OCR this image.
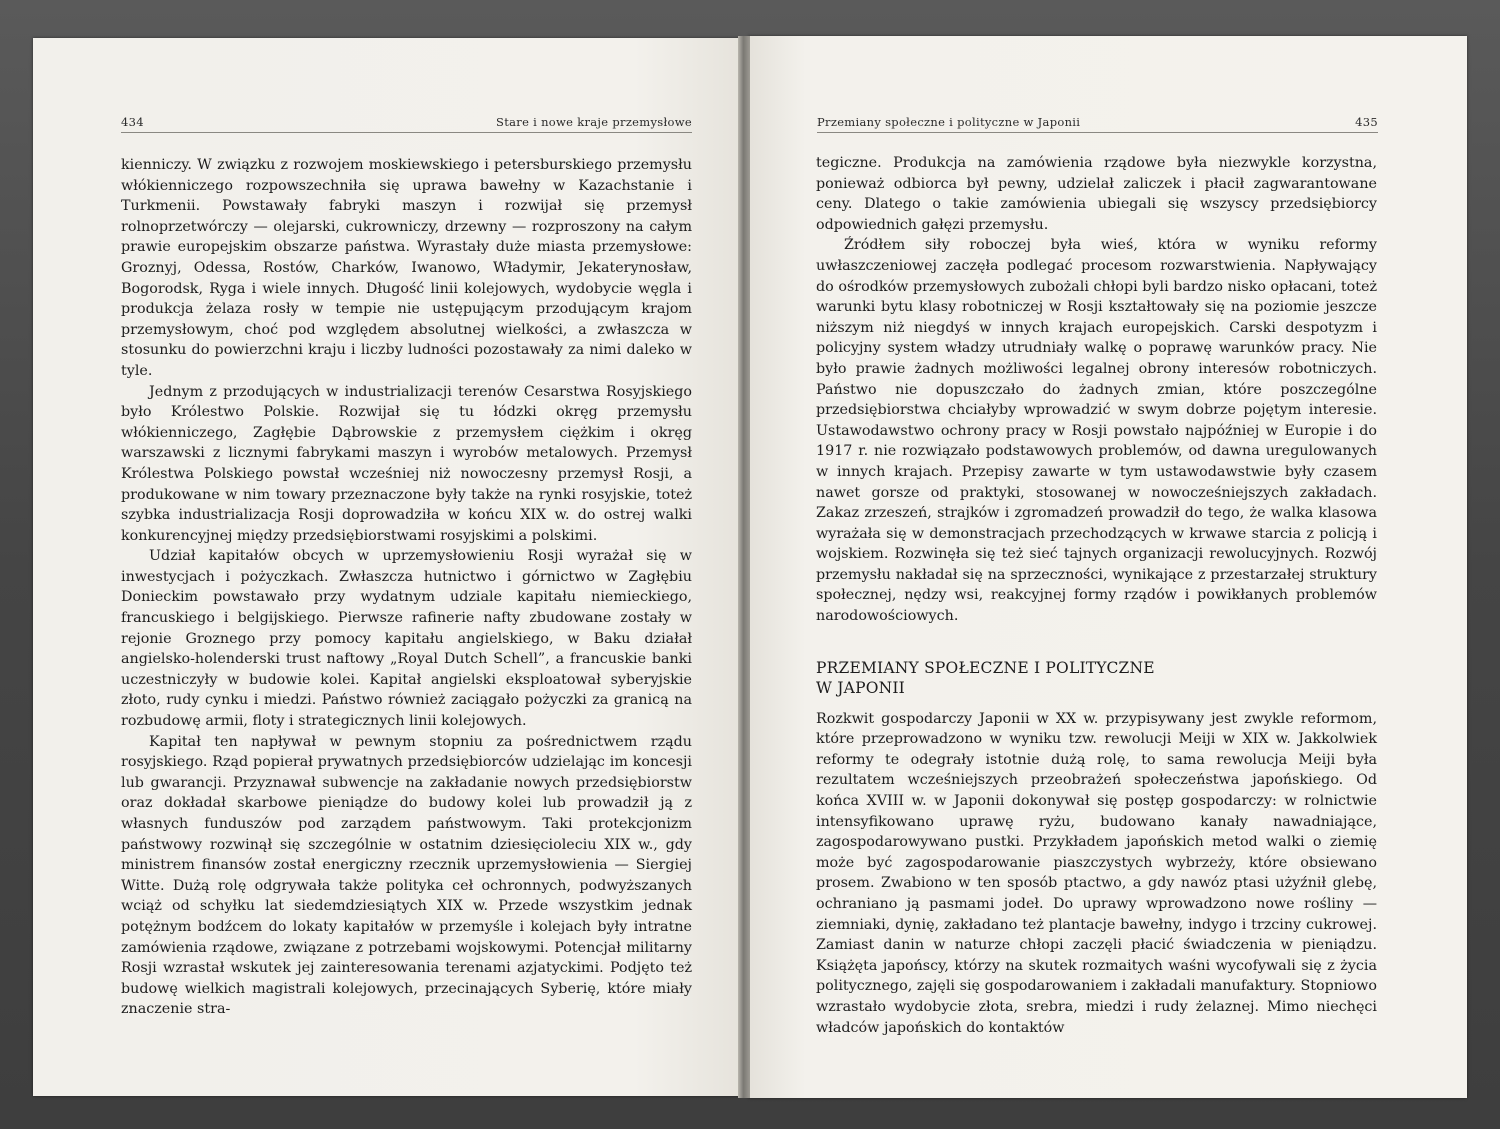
434	Stare i nowe kraje przemysłowe	Przemiany społeczne i polityczne w Japonii	435

kienniczy. W związku z rozwojem moskiewskiego i petersburskiego przemysłu włókienniczego rozpowszechniła się uprawa bawełny w Kazachstanie i Turkmenii. Powstawały fabryki maszyn i rozwijał się przemysł rolnoprzetwórczy — olejarski, cukrowniczy, drzewny — rozproszony na całym prawie europejskim obszarze państwa. Wyrastały duże miasta przemysłowe: Groznyj, Odessa, Rostów, Charków, Iwanowo, Władymir, Jekaterynosław, Bogorodsk, Ryga i wiele innych. Długość linii kolejowych, wydobycie węgla i produkcja żelaza rosły w tempie nie ustępującym przodującym krajom przemysłowym, choć pod względem absolutnej wielkości, a zwłaszcza w stosunku do powierzchni kraju i liczby ludności pozostawały za nimi daleko w tyle.

Jednym z przodujących w industrializacji terenów Cesarstwa Rosyjskiego było Królestwo Polskie. Rozwijał się tu łódzki okręg przemysłu włókienniczego, Zagłębie Dąbrowskie z przemysłem ciężkim i okręg warszawski z licznymi fabrykami maszyn i wyrobów metalowych. Przemysł Królestwa Polskiego powstał wcześniej niż nowoczesny przemysł Rosji, a produkowane w nim towary przeznaczone były także na rynki rosyjskie, toteż szybka industrializacja Rosji doprowadziła w końcu XIX w. do ostrej walki konkurencyjnej między przedsiębiorstwami rosyjskimi a polskimi.

Udział kapitałów obcych w uprzemysłowieniu Rosji wyrażał się w inwestycjach i pożyczkach. Zwłaszcza hutnictwo i górnictwo w Zagłębiu Donieckim powstawało przy wydatnym udziale kapitału niemieckiego, francuskiego i belgijskiego. Pierwsze rafinerie nafty zbudowane zostały w rejonie Groznego przy pomocy kapitału angielskiego, w Baku działał angielsko-holenderski trust naftowy „Royal Dutch Schell”, a francuskie banki uczestniczyły w budowie kolei. Kapitał angielski eksploatował syberyjskie złoto, rudy cynku i miedzi. Państwo również zaciągało pożyczki za granicą na rozbudowę armii, floty i strategicznych linii kolejowych.

Kapitał ten napływał w pewnym stopniu za pośrednictwem rządu rosyjskiego. Rząd popierał prywatnych przedsiębiorców udzielając im koncesji lub gwarancji. Przyznawał subwencje na zakładanie nowych przedsiębiorstw oraz dokładał skarbowe pieniądze do budowy kolei lub prowadził ją z własnych funduszów pod zarządem państwowym. Taki protekcjonizm państwowy rozwinął się szczególnie w ostatnim dziesięcioleciu XIX w., gdy ministrem finansów został energiczny rzecznik uprzemysłowienia — Siergiej Witte. Dużą rolę odgrywała także polityka ceł ochronnych, podwyższanych wciąż od schyłku lat siedemdziesiątych XIX w. Przede wszystkim jednak potężnym bodźcem do lokaty kapitałów w przemyśle i kolejach były intratne zamówienia rządowe, związane z potrzebami wojskowymi. Potencjał militarny Rosji wzrastał wskutek jej zainteresowania terenami azjatyckimi. Podjęto też budowę wielkich magistrali kolejowych, przecinających Syberię, które miały znaczenie stra-

tegiczne. Produkcja na zamówienia rządowe była niezwykle korzystna, ponieważ odbiorca był pewny, udzielał zaliczek i płacił zagwarantowane ceny. Dlatego o takie zamówienia ubiegali się wszyscy przedsiębiorcy odpowiednich gałęzi przemysłu.

Źródłem siły roboczej była wieś, która w wyniku reformy uwłaszczeniowej zaczęła podlegać procesom rozwarstwienia. Napływający do ośrodków przemysłowych zubożali chłopi byli bardzo nisko opłacani, toteż warunki bytu klasy robotniczej w Rosji kształtowały się na poziomie jeszcze niższym niż niegdyś w innych krajach europejskich. Carski despotyzm i policyjny system władzy utrudniały walkę o poprawę warunków pracy. Nie było prawie żadnych możliwości legalnej obrony interesów robotniczych. Państwo nie dopuszczało do żadnych zmian, które poszczególne przedsiębiorstwa chciałyby wprowadzić w swym dobrze pojętym interesie. Ustawodawstwo ochrony pracy w Rosji powstało najpóźniej w Europie i do 1917 r. nie rozwiązało podstawowych problemów, od dawna uregulowanych w innych krajach. Przepisy zawarte w tym ustawodawstwie były czasem nawet gorsze od praktyki, stosowanej w nowocześniejszych zakładach. Zakaz zrzeszeń, strajków i zgromadzeń prowadził do tego, że walka klasowa wyrażała się w demonstracjach przechodzących w krwawe starcia z policją i wojskiem. Rozwinęła się też sieć tajnych organizacji rewolucyjnych. Rozwój przemysłu nakładał się na sprzeczności, wynikające z przestarzałej struktury społecznej, nędzy wsi, reakcyjnej formy rządów i powikłanych problemów narodowościowych.

PRZEMIANY SPOŁECZNE I POLITYCZNE
W JAPONII

Rozkwit gospodarczy Japonii w XX w. przypisywany jest zwykle reformom, które przeprowadzono w wyniku tzw. rewolucji Meiji w XIX w. Jakkolwiek reformy te odegrały istotnie dużą rolę, to sama rewolucja Meiji była rezultatem wcześniejszych przeobrażeń społeczeństwa japońskiego. Od końca XVIII w. w Japonii dokonywał się postęp gospodarczy: w rolnictwie intensyfikowano uprawę ryżu, budowano kanały nawadniające, zagospodarowywano pustki. Przykładem japońskich metod walki o ziemię może być zagospodarowanie piaszczystych wybrzeży, które obsiewano prosem. Zwabiono w ten sposób ptactwo, a gdy nawóz ptasi użyźnił glebę, ochraniano ją pasmami jodeł. Do uprawy wprowadzono nowe rośliny — ziemniaki, dynię, zakładano też plantacje bawełny, indygo i trzciny cukrowej. Zamiast danin w naturze chłopi zaczęli płacić świadczenia w pieniądzu. Książęta japońscy, którzy na skutek rozmaitych waśni wycofywali się z życia politycznego, zajęli się gospodarowaniem i zakładali manufaktury. Stopniowo wzrastało wydobycie złota, srebra, miedzi i rudy żelaznej. Mimo niechęci władców japońskich do kontaktów
